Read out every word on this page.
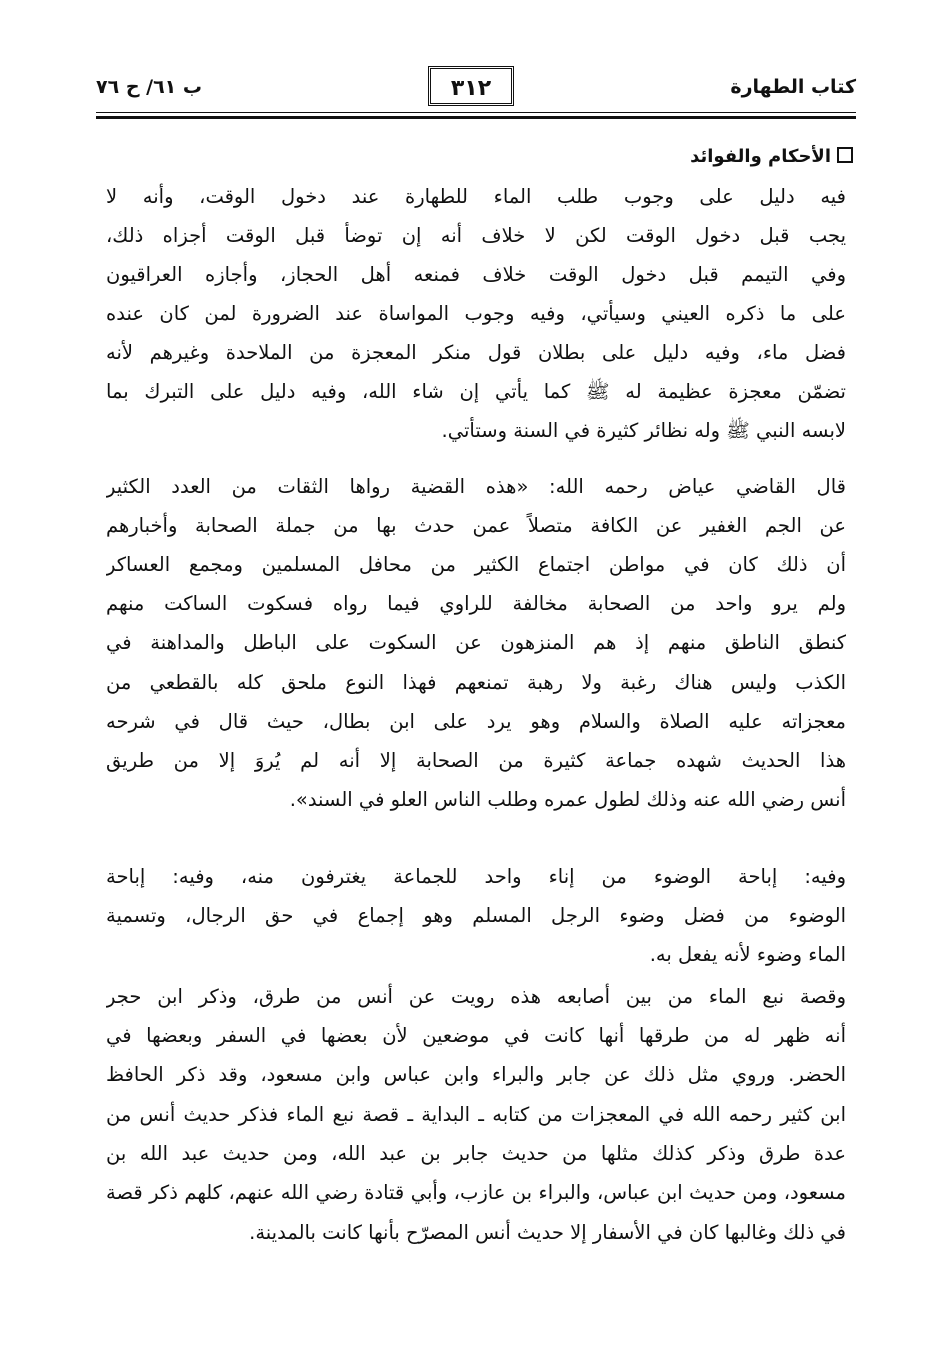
كتاب الطهارة
٣١٢
ب ٦١/ ح ٧٦
الأحكام والفوائد
فيه دليل على وجوب طلب الماء للطهارة عند دخول الوقت، وأنه لا
يجب قبل دخول الوقت لكن لا خلاف أنه إن توضأ قبل الوقت أجزاه ذلك،
وفي التيمم قبل دخول الوقت خلاف فمنعه أهل الحجاز، وأجازه العراقيون
على ما ذكره العيني وسيأتي، وفيه وجوب المواساة عند الضرورة لمن كان عنده
فضل ماء، وفيه دليل على بطلان قول منكر المعجزة من الملاحدة وغيرهم لأنه
تضمّن معجزة عظيمة له ﷺ كما يأتي إن شاء الله، وفيه دليل على التبرك بما
لابسه النبي ﷺ وله نظائر كثيرة في السنة وستأتي.
قال القاضي عياض رحمه الله: «هذه القضية رواها الثقات من العدد الكثير
عن الجم الغفير عن الكافة متصلاً عمن حدث بها من جملة الصحابة وأخبارهم
أن ذلك كان في مواطن اجتماع الكثير من محافل المسلمين ومجمع العساكر
ولم يرو واحد من الصحابة مخالفة للراوي فيما رواه فسكوت الساكت منهم
كنطق الناطق منهم إذ هم المنزهون عن السكوت على الباطل والمداهنة في
الكذب وليس هناك رغبة ولا رهبة تمنعهم فهذا النوع ملحق كله بالقطعي من
معجزاته عليه الصلاة والسلام وهو يرد على ابن بطال، حيث قال في شرحه
هذا الحديث شهده جماعة كثيرة من الصحابة إلا أنه لم يُروَ إلا من طريق
أنس رضي الله عنه وذلك لطول عمره وطلب الناس العلو في السند».
وفيه: إباحة الوضوء من إناء واحد للجماعة يغترفون منه، وفيه: إباحة
الوضوء من فضل وضوء الرجل المسلم وهو إجماع في حق الرجال، وتسمية
الماء وضوء لأنه يفعل به.
وقصة نبع الماء من بين أصابعه هذه رويت عن أنس من طرق، وذكر ابن حجر
أنه ظهر له من طرقها أنها كانت في موضعين لأن بعضها في السفر وبعضها في
الحضر. وروي مثل ذلك عن جابر والبراء وابن عباس وابن مسعود، وقد ذكر الحافظ
ابن كثير رحمه الله في المعجزات من كتابه ـ البداية ـ قصة نبع الماء فذكر حديث أنس من
عدة طرق وذكر كذلك مثلها من حديث جابر بن عبد الله، ومن حديث عبد الله بن
مسعود، ومن حديث ابن عباس، والبراء بن عازب، وأبي قتادة رضي الله عنهم، كلهم ذكر قصة
في ذلك وغالبها كان في الأسفار إلا حديث أنس المصرّح بأنها كانت بالمدينة.
